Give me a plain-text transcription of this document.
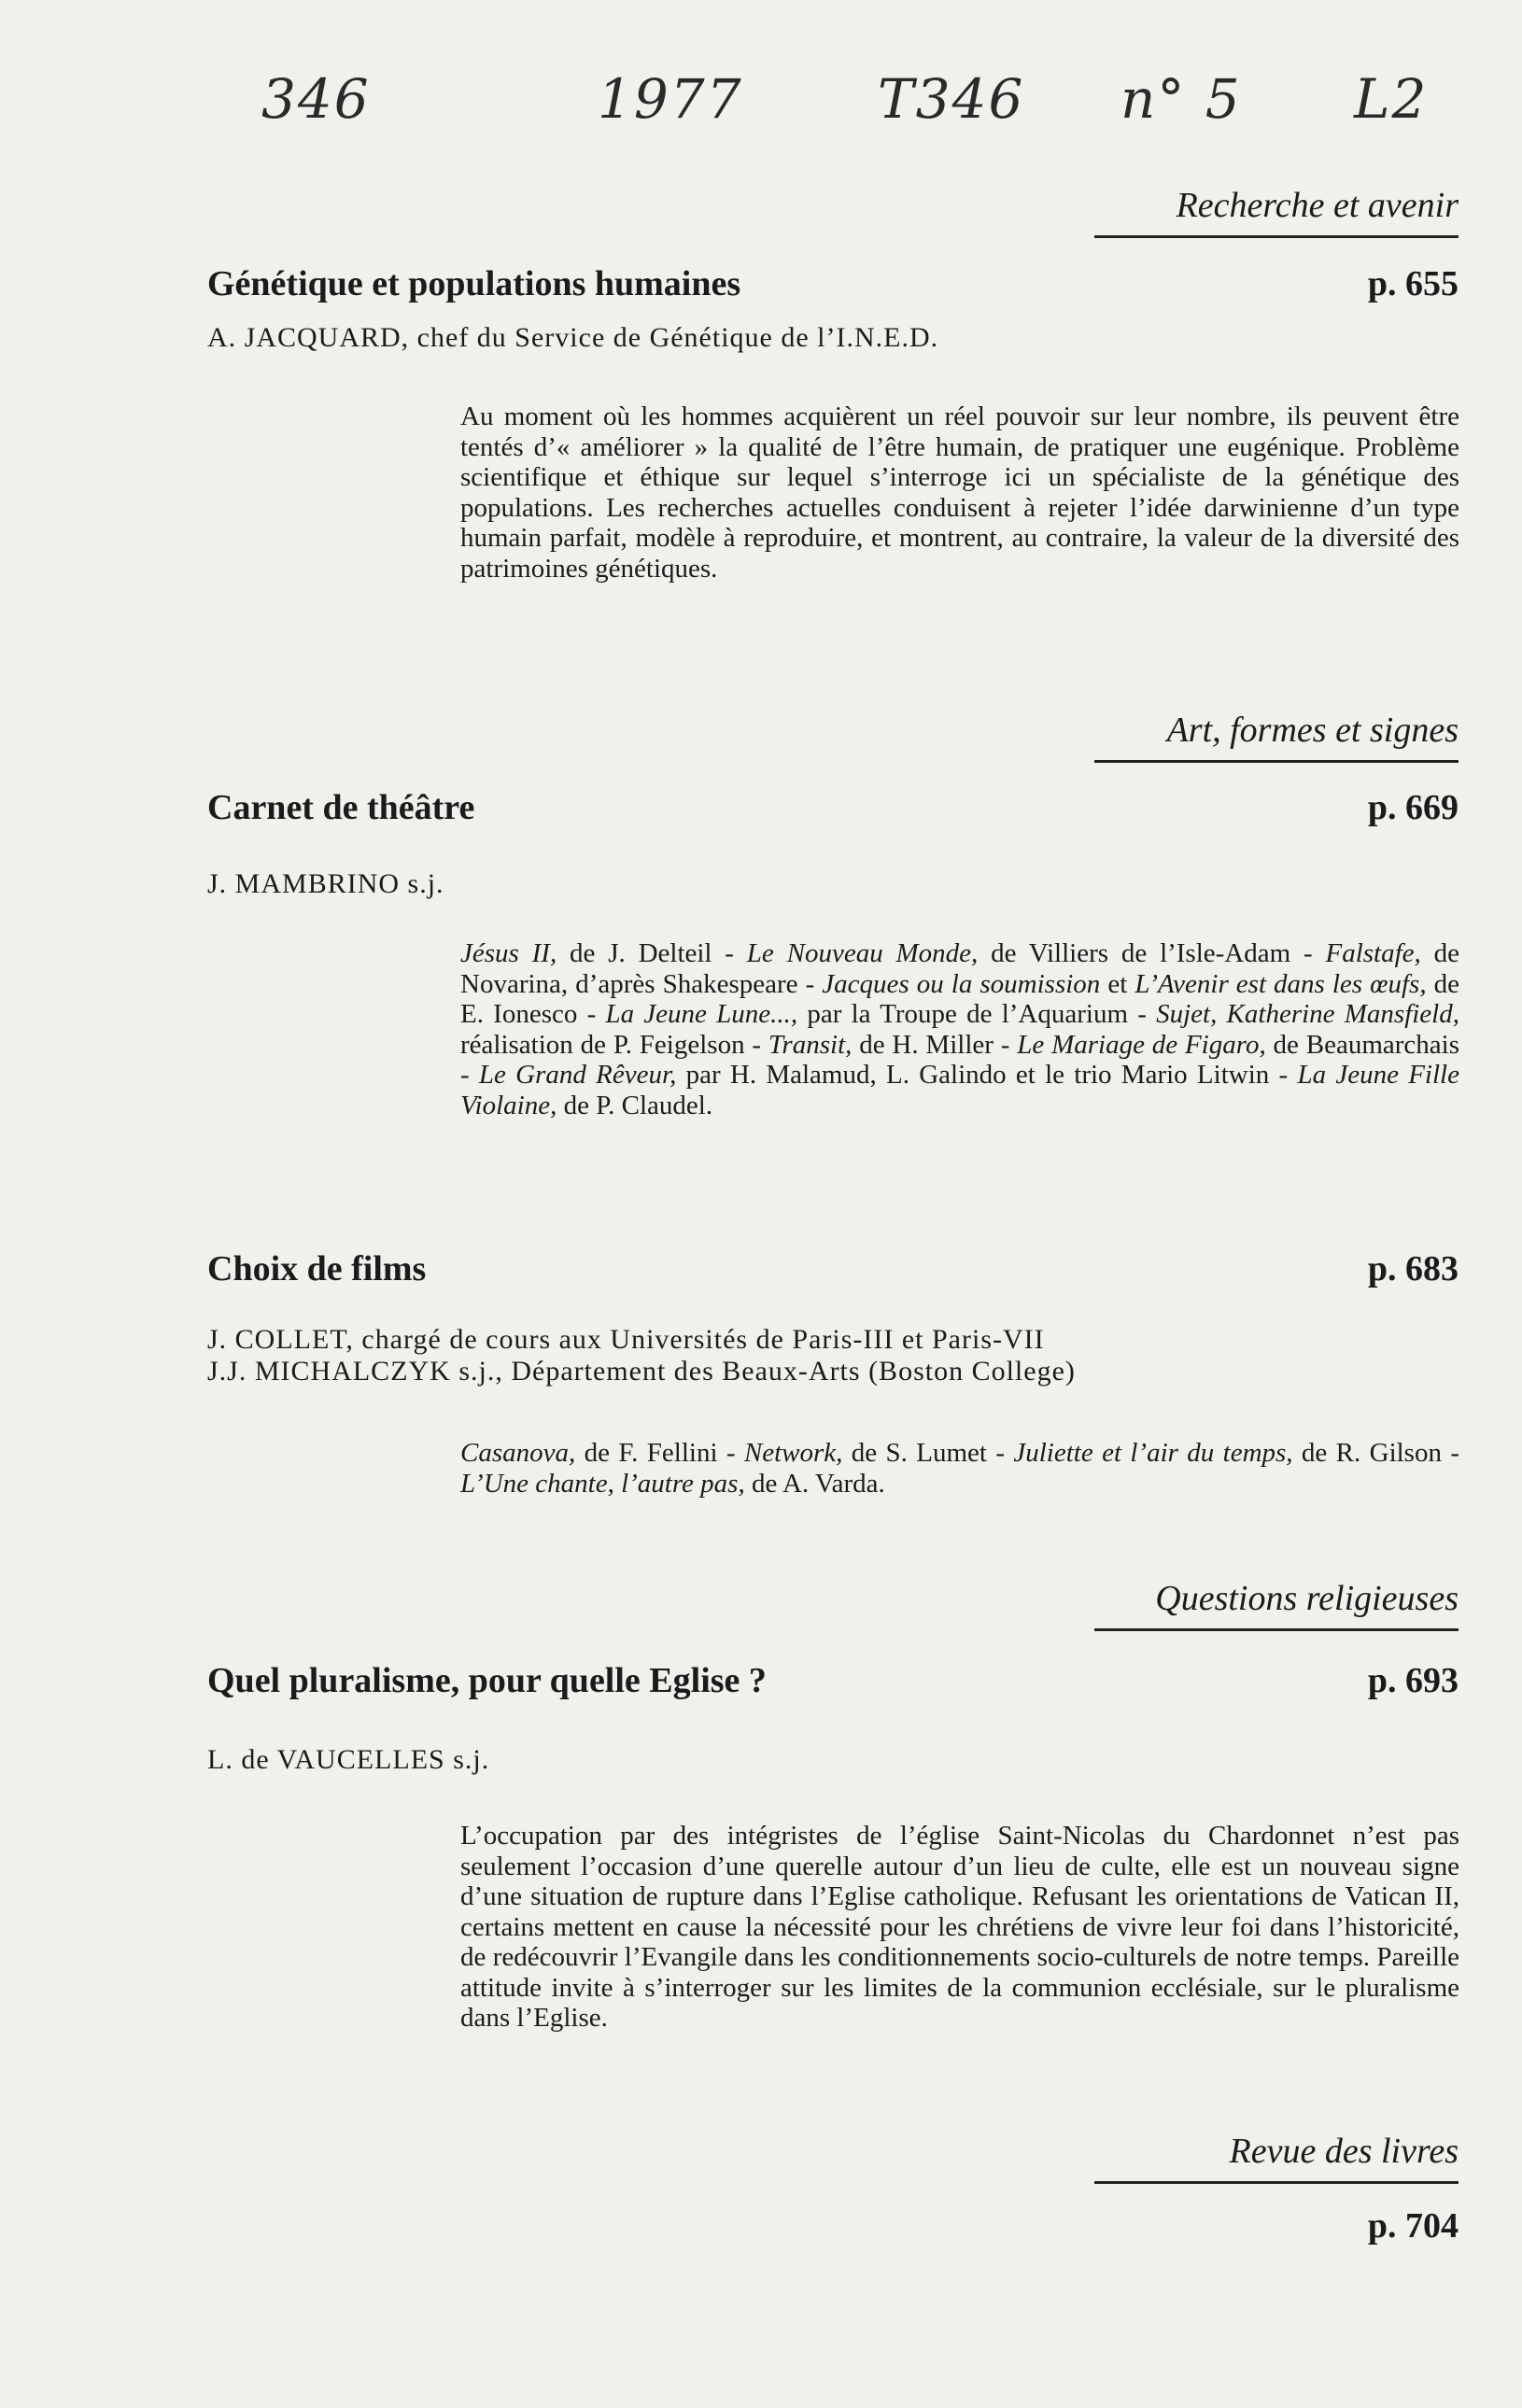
346	1977 T346 n° 5 L2
Recherche et avenir
Génétique et populations humaines	p. 655
A. JACQUARD, chef du Service de Génétique de l’I.N.E.D.
Au moment où les hommes acquièrent un réel pouvoir sur leur nombre, ils peuvent être tentés d’« améliorer » la qualité de l’être humain, de pratiquer une eugénique. Problème scientifique et éthique sur lequel s’interroge ici un spécialiste de la génétique des populations. Les recherches actuelles conduisent à rejeter l’idée darwinienne d’un type humain parfait, modèle à reproduire, et montrent, au contraire, la valeur de la diversité des patrimoines génétiques.
Art, formes et signes
Carnet de théâtre	p. 669
J. MAMBRINO s.j.
Jésus II, de J. Delteil - Le Nouveau Monde, de Villiers de l’Isle-Adam - Falstafe, de Novarina, d’après Shakespeare - Jacques ou la soumission et L’Avenir est dans les œufs, de E. Ionesco - La Jeune Lune..., par la Troupe de l’Aquarium - Sujet, Katherine Mansfield, réalisation de P. Feigelson - Transit, de H. Miller - Le Mariage de Figaro, de Beaumarchais - Le Grand Rêveur, par H. Malamud, L. Galindo et le trio Mario Litwin - La Jeune Fille Violaine, de P. Claudel.
Choix de films	p. 683
J. COLLET, chargé de cours aux Universités de Paris-III et Paris-VII
J.J. MICHALCZYK s.j., Département des Beaux-Arts (Boston College)
Casanova, de F. Fellini - Network, de S. Lumet - Juliette et l’air du temps, de R. Gilson - L’Une chante, l’autre pas, de A. Varda.
Questions religieuses
Quel pluralisme, pour quelle Eglise ?	p. 693
L. de VAUCELLES s.j.
L’occupation par des intégristes de l’église Saint-Nicolas du Chardonnet n’est pas seulement l’occasion d’une querelle autour d’un lieu de culte, elle est un nouveau signe d’une situation de rupture dans l’Eglise catholique. Refusant les orientations de Vatican II, certains mettent en cause la nécessité pour les chrétiens de vivre leur foi dans l’historicité, de redécouvrir l’Evangile dans les conditionnements socio-culturels de notre temps. Pareille attitude invite à s’interroger sur les limites de la communion ecclésiale, sur le pluralisme dans l’Eglise.
Revue des livres
p. 704
